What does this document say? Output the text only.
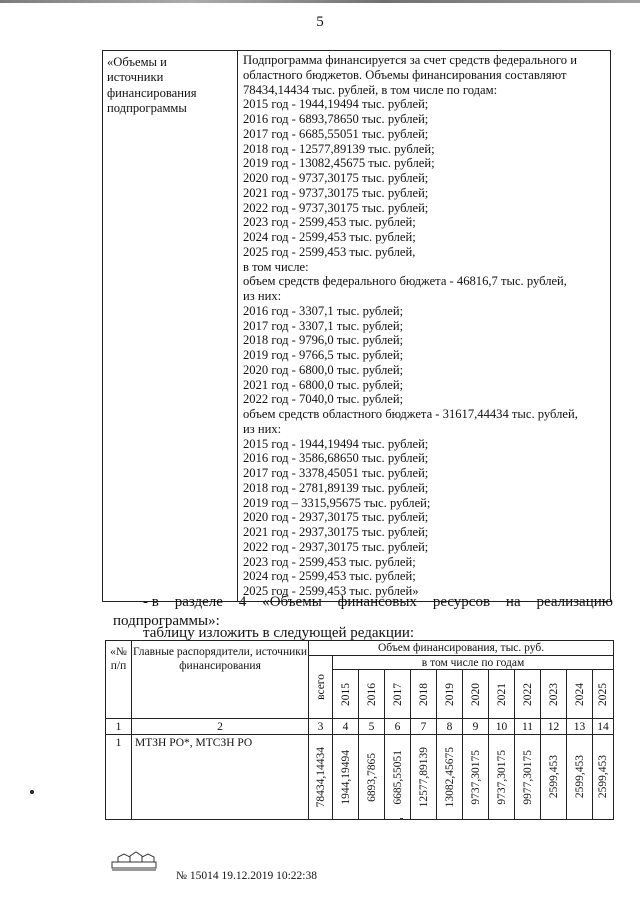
5
«Объемы и
источники
финансирования
подпрограммы

Подпрограмма финансируется за счет средств федерального и
областного бюджетов. Объемы финансирования составляют
78434,14434 тыс. рублей, в том числе по годам:
2015 год - 1944,19494 тыс. рублей;
2016 год - 6893,78650 тыс. рублей;
2017 год - 6685,55051 тыс. рублей;
2018 год - 12577,89139 тыс. рублей;
2019 год - 13082,45675 тыс. рублей;
2020 год - 9737,30175 тыс. рублей;
2021 год - 9737,30175 тыс. рублей;
2022 год - 9737,30175 тыс. рублей;
2023 год - 2599,453 тыс. рублей;
2024 год - 2599,453 тыс. рублей;
2025 год - 2599,453 тыс. рублей,
в том числе:
объем средств федерального бюджета - 46816,7 тыс. рублей,
из них:
2016 год - 3307,1 тыс. рублей;
2017 год - 3307,1 тыс. рублей;
2018 год - 9796,0 тыс. рублей;
2019 год - 9766,5 тыс. рублей;
2020 год - 6800,0 тыс. рублей;
2021 год - 6800,0 тыс. рублей;
2022 год - 7040,0 тыс. рублей;
объем средств областного бюджета - 31617,44434 тыс. рублей,
из них:
2015 год - 1944,19494 тыс. рублей;
2016 год - 3586,68650 тыс. рублей;
2017 год - 3378,45051 тыс. рублей;
2018 год - 2781,89139 тыс. рублей;
2019 год – 3315,95675 тыс. рублей;
2020 год - 2937,30175 тыс. рублей;
2021 год - 2937,30175 тыс. рублей;
2022 год - 2937,30175 тыс. рублей;
2023 год - 2599,453 тыс. рублей;
2024 год - 2599,453 тыс. рублей;
2025 год - 2599,453 тыс. рублей»
- в разделе 4 «Объемы финансовых ресурсов на реализацию
подпрограммы»:
таблицу изложить в следующей редакции:
«№ п/п	Главные распорядители, источники финансирования	Объем финансирования, тыс. руб.											

		всего	в том числе по годам										

			2015	2016	2017	2018	2019	2020	2021	2022	2023	2024	2025

1	2	3	4	5	6	7	8	9	10	11	12	13	14
1	МТЗН РО*, МТСЗН РО	78434,14434	1944,19494	6893,7865	6685,55051	12577,89139	13082,45675	9737,30175	9737,30175	9977,30175	2599,453	2599,453	2599,453
№ 15014 19.12.2019 10:22:38
